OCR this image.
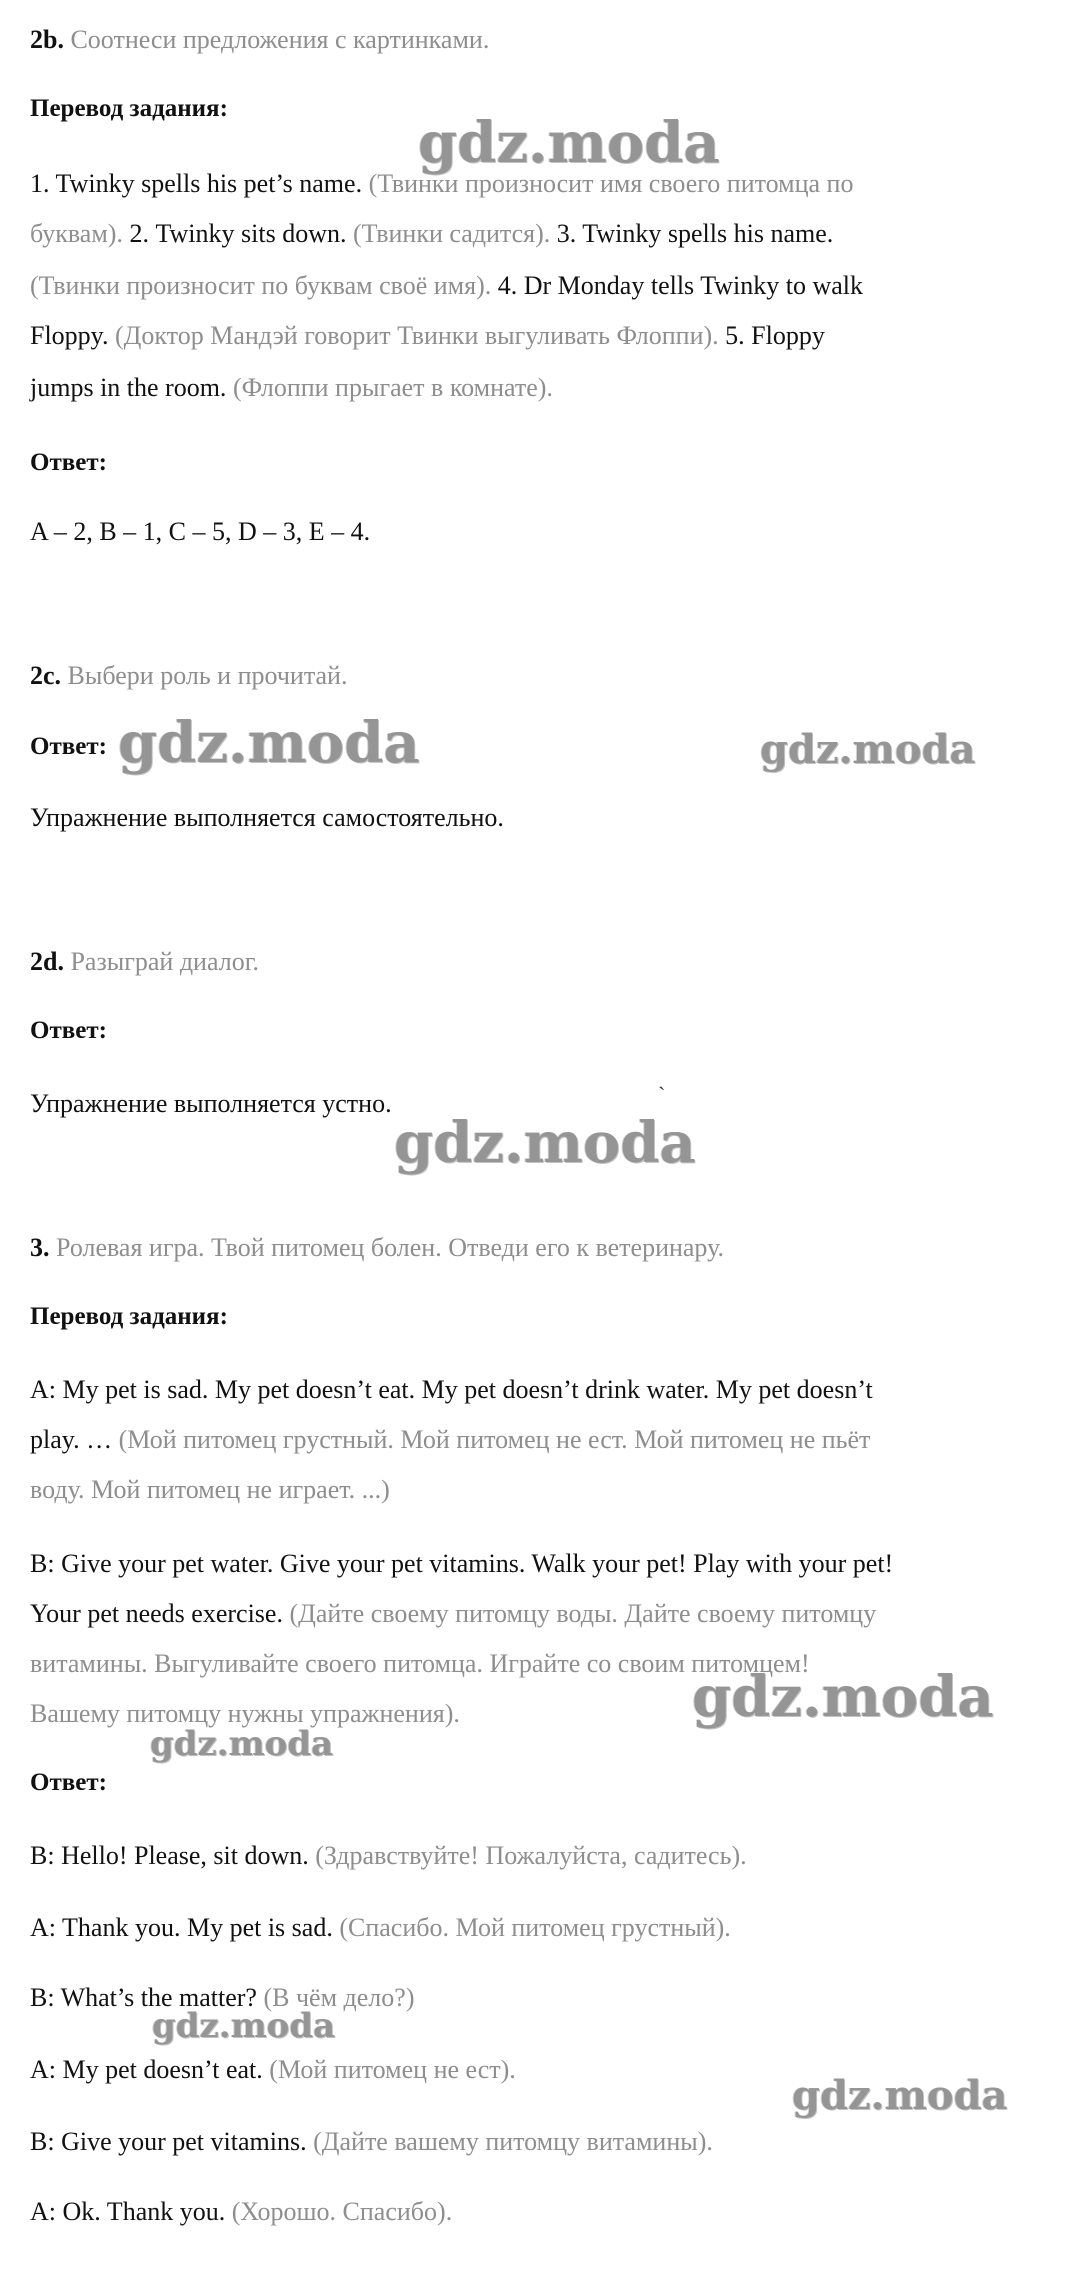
2b. Соотнеси предложения с картинками.
Перевод задания:
1. Twinky spells his pet’s name. (Твинки произносит имя своего питомца по
буквам). 2. Twinky sits down. (Твинки садится). 3. Twinky spells his name.
(Твинки произносит по буквам своё имя). 4. Dr Monday tells Twinky to walk
Floppy. (Доктор Мандэй говорит Твинки выгуливать Флоппи). 5. Floppy
jumps in the room. (Флоппи прыгает в комнате).
Ответ:
A – 2, B – 1, C – 5, D – 3, E – 4.
2c. Выбери роль и прочитай.
Ответ:
Упражнение выполняется самостоятельно.
2d. Разыграй диалог.
Ответ:
Упражнение выполняется устно.	`
3. Ролевая игра. Твой питомец болен. Отведи его к ветеринару.
Перевод задания:
A: My pet is sad. My pet doesn’t eat. My pet doesn’t drink water. My pet doesn’t
play. … (Мой питомец грустный. Мой питомец не ест. Мой питомец не пьёт
воду. Мой питомец не играет. ...)
B: Give your pet water. Give your pet vitamins. Walk your pet! Play with your pet!
Your pet needs exercise. (Дайте своему питомцу воды. Дайте своему питомцу
витамины. Выгуливайте своего питомца. Играйте со своим питомцем!
Вашему питомцу нужны упражнения).
Ответ:
B: Hello! Please, sit down. (Здравствуйте! Пожалуйста, садитесь).
A: Thank you. My pet is sad. (Спасибо. Мой питомец грустный).
B: What’s the matter? (В чём дело?)
A: My pet doesn’t eat. (Мой питомец не ест).
B: Give your pet vitamins. (Дайте вашему питомцу витамины).
A: Ok. Thank you. (Хорошо. Спасибо).
gdz.moda
gdz.moda	gdz.moda
gdz.moda
gdz.moda
gdz.moda
gdz.moda
gdz.moda
